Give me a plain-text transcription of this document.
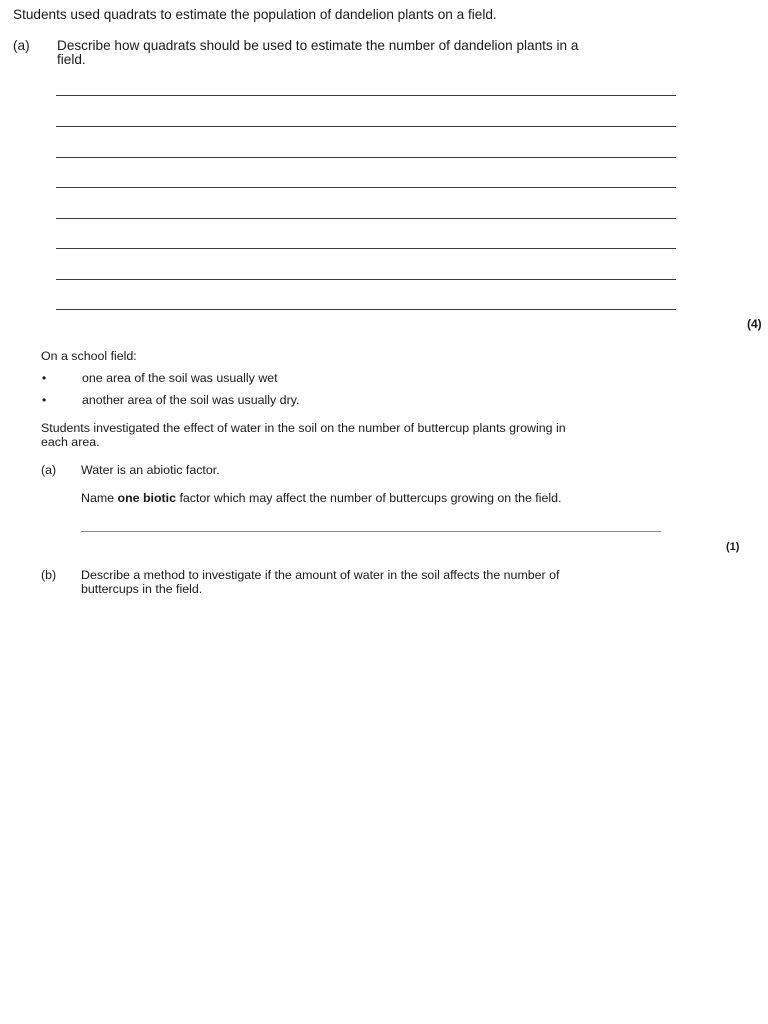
Students used quadrats to estimate the population of dandelion plants on a field.
(a) Describe how quadrats should be used to estimate the number of dandelion plants in a
field.
(4)
On a school field:
•	one area of the soil was usually wet
•	another area of the soil was usually dry.
Students investigated the effect of water in the soil on the number of buttercup plants growing in
each area.
(a) Water is an abiotic factor.
Name one biotic factor which may affect the number of buttercups growing on the field.
(1)
(b) Describe a method to investigate if the amount of water in the soil affects the number of
buttercups in the field.
